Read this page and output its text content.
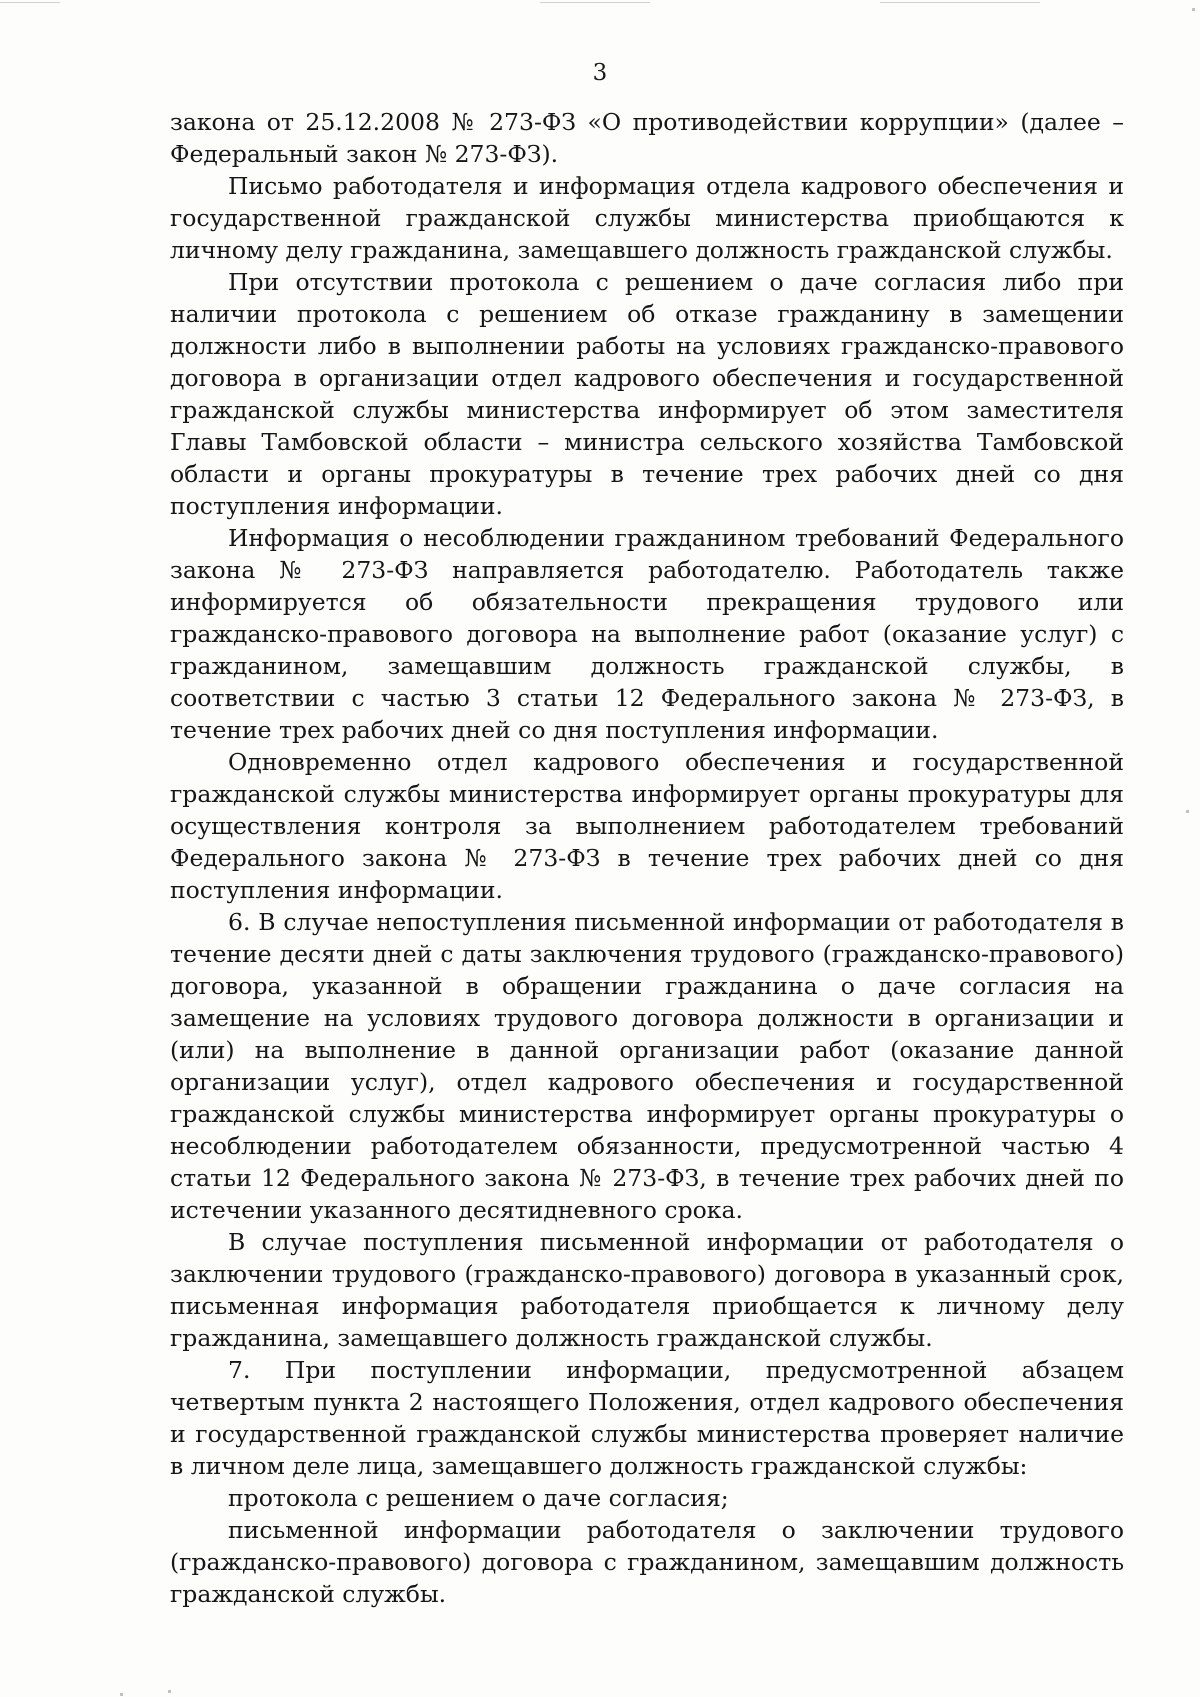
3

закона от 25.12.2008 № 273-ФЗ «О противодействии коррупции» (далее – Федеральный закон № 273-ФЗ).

Письмо работодателя и информация отдела кадрового обеспечения и государственной гражданской службы министерства приобщаются к личному делу гражданина, замещавшего должность гражданской службы.

При отсутствии протокола с решением о даче согласия либо при наличии протокола с решением об отказе гражданину в замещении должности либо в выполнении работы на условиях гражданско-правового договора в организации отдел кадрового обеспечения и государственной гражданской службы министерства информирует об этом заместителя Главы Тамбовской области – министра сельского хозяйства Тамбовской области и органы прокуратуры в течение трех рабочих дней со дня поступления информации.

Информация о несоблюдении гражданином требований Федерального закона № 273-ФЗ направляется работодателю. Работодатель также информируется об обязательности прекращения трудового или гражданско-правового договора на выполнение работ (оказание услуг) с гражданином, замещавшим должность гражданской службы, в соответствии с частью 3 статьи 12 Федерального закона № 273-ФЗ, в течение трех рабочих дней со дня поступления информации.

Одновременно отдел кадрового обеспечения и государственной гражданской службы министерства информирует органы прокуратуры для осуществления контроля за выполнением работодателем требований Федерального закона № 273-ФЗ в течение трех рабочих дней со дня поступления информации.

6. В случае непоступления письменной информации от работодателя в течение десяти дней с даты заключения трудового (гражданско-правового) договора, указанной в обращении гражданина о даче согласия на замещение на условиях трудового договора должности в организации и (или) на выполнение в данной организации работ (оказание данной организации услуг), отдел кадрового обеспечения и государственной гражданской службы министерства информирует органы прокуратуры о несоблюдении работодателем обязанности, предусмотренной частью 4 статьи 12 Федерального закона № 273-ФЗ, в течение трех рабочих дней по истечении указанного десятидневного срока.

В случае поступления письменной информации от работодателя о заключении трудового (гражданско-правового) договора в указанный срок, письменная информация работодателя приобщается к личному делу гражданина, замещавшего должность гражданской службы.

7. При поступлении информации, предусмотренной абзацем четвертым пункта 2 настоящего Положения, отдел кадрового обеспечения и государственной гражданской службы министерства проверяет наличие в личном деле лица, замещавшего должность гражданской службы:

протокола с решением о даче согласия;

письменной информации работодателя о заключении трудового (гражданско-правового) договора с гражданином, замещавшим должность гражданской службы.
